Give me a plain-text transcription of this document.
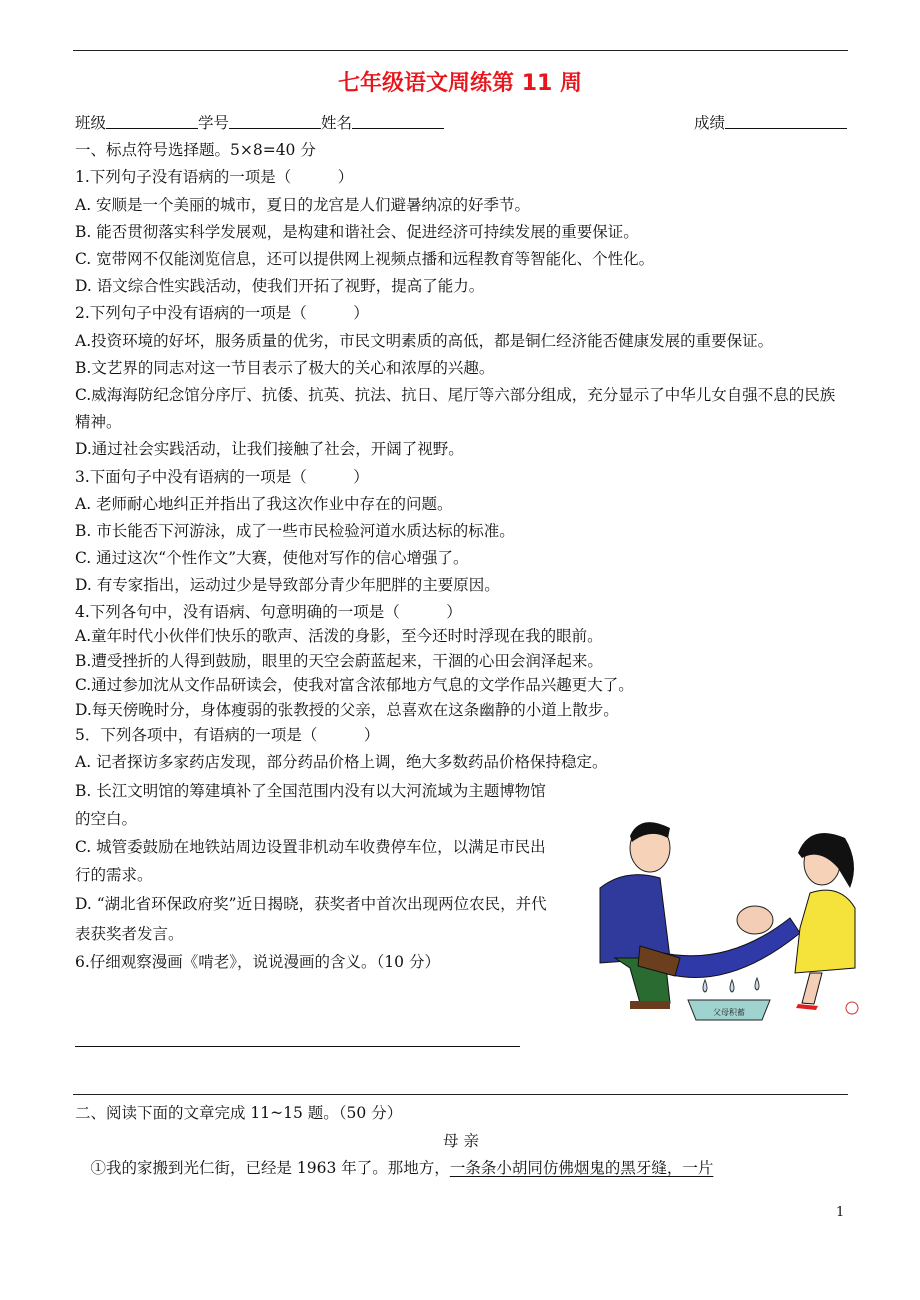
七年级语文周练第 11 周
班级	学号	姓名	成绩
一、标点符号选择题。5×8=40 分
1.下列句子没有语病的一项是（　　　）
A. 安顺是一个美丽的城市，夏日的龙宫是人们避暑纳凉的好季节。
B. 能否贯彻落实科学发展观，是构建和谐社会、促进经济可持续发展的重要保证。
C. 宽带网不仅能浏览信息，还可以提供网上视频点播和远程教育等智能化、个性化。
D. 语文综合性实践活动，使我们开拓了视野，提高了能力。
2.下列句子中没有语病的一项是（　　　）
A.投资环境的好坏，服务质量的优劣，市民文明素质的高低，都是铜仁经济能否健康发展的重要保证。
B.文艺界的同志对这一节目表示了极大的关心和浓厚的兴趣。
C.威海海防纪念馆分序厅、抗倭、抗英、抗法、抗日、尾厅等六部分组成，充分显示了中华儿女自强不息的民族精神。
D.通过社会实践活动，让我们接触了社会，开阔了视野。
3.下面句子中没有语病的一项是（　　　）
A. 老师耐心地纠正并指出了我这次作业中存在的问题。
B. 市长能否下河游泳，成了一些市民检验河道水质达标的标准。
C. 通过这次“个性作文”大赛，使他对写作的信心增强了。
D. 有专家指出，运动过少是导致部分青少年肥胖的主要原因。
4.下列各句中，没有语病、句意明确的一项是（　　　）
A.童年时代小伙伴们快乐的歌声、活泼的身影，至今还时时浮现在我的眼前。
B.遭受挫折的人得到鼓励，眼里的天空会蔚蓝起来，干涸的心田会润泽起来。
C.通过参加沈从文作品研读会，使我对富含浓郁地方气息的文学作品兴趣更大了。
D.每天傍晚时分，身体瘦弱的张教授的父亲，总喜欢在这条幽静的小道上散步。
5．下列各项中，有语病的一项是（　　　）
A. 记者探访多家药店发现，部分药品价格上调，绝大多数药品价格保持稳定。
B. 长江文明馆的筹建填补了全国范围内没有以大河流域为主题博物馆的空白。
C. 城管委鼓励在地铁站周边设置非机动车收费停车位，以满足市民出行的需求。
D. “湖北省环保政府奖”近日揭晓，获奖者中首次出现两位农民，并代表获奖者发言。
6.仔细观察漫画《啃老》，说说漫画的含义。（10 分）
父母积蓄
二、阅读下面的文章完成 11~15 题。（50 分）
母 亲
①我的家搬到光仁街，已经是 1963 年了。那地方，一条条小胡同仿佛烟鬼的黑牙缝，一片
1
